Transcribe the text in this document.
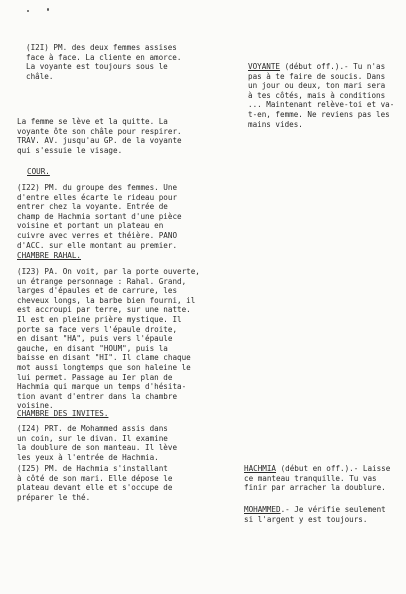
(I2I) PM. des deux femmes assises
face à face. La cliente en amorce.
La voyante est toujours sous le
châle.
La femme se lève et la quitte. La
voyante ôte son châle pour respirer.
TRAV. AV. jusqu'au GP. de la voyante
qui s'essuie le visage.
COUR.
(I22) PM. du groupe des femmes. Une
d'entre elles écarte le rideau pour
entrer chez la voyante. Entrée de
champ de Hachmia sortant d'une pièce
voisine et portant un plateau en
cuivre avec verres et théière. PANO
d'ACC. sur elle montant au premier.
CHAMBRE RAHAL.
(I23) PA. On voit, par la porte ouverte,
un étrange personnage : Rahal. Grand,
larges d'épaules et de carrure, les
cheveux longs, la barbe bien fourni, il
est accroupi par terre, sur une natte.
Il est en pleine prière mystique. Il
porte sa face vers l'épaule droite,
en disant "HA", puis vers l'épaule
gauche, en disant "HOUM", puis la
baisse en disant "HI". Il clame chaque
mot aussi longtemps que son haleine le
lui permet. Passage au Ier plan de
Hachmia qui marque un temps d'hésita-
tion avant d'entrer dans la chambre
voisine.
CHAMBRE DES INVITES.
(I24) PRT. de Mohammed assis dans
un coin, sur le divan. Il examine
la doublure de son manteau. Il lève
les yeux à l'entrée de Hachmia.
(I25) PM. de Hachmia s'installant
à côté de son mari. Elle dépose le
plateau devant elle et s'occupe de
préparer le thé.
VOYANTE (début off.).- Tu n'as
pas à te faire de soucis. Dans
un jour ou deux, ton mari sera
à tes côtés, mais à conditions
... Maintenant relève-toi et va-
t-en, femme. Ne reviens pas les
mains vides.
HACHMIA (début en off.).- Laisse
ce manteau tranquille. Tu vas
finir par arracher la doublure.
MOHAMMED.- Je vérifie seulement
si l'argent y est toujours.
